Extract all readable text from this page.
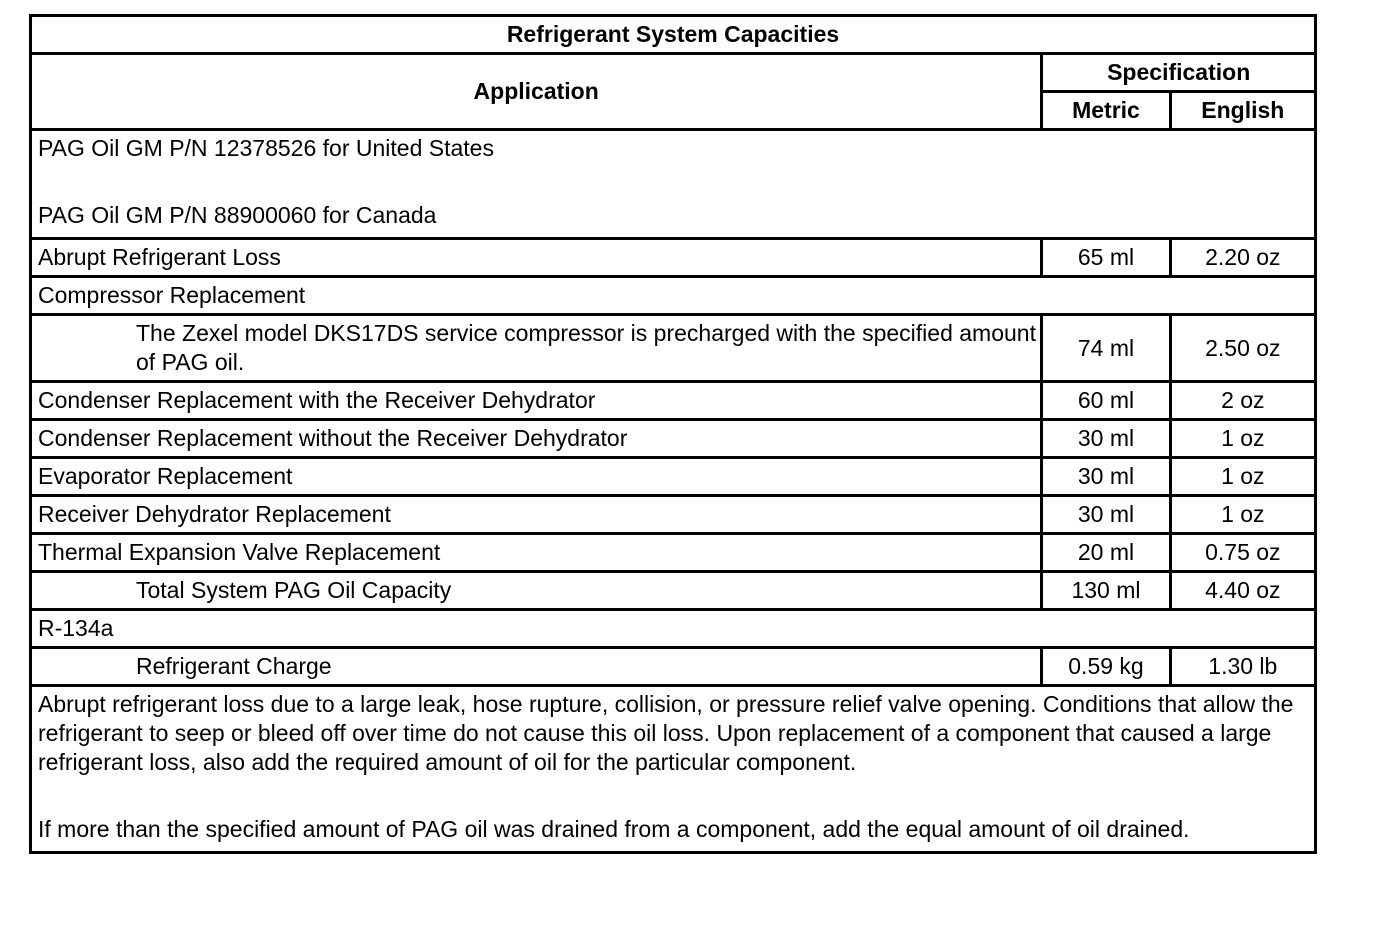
Refrigerant System Capacities		
Application	Specification	
	Metric	English
PAG Oil GM P/N 12378526 for United States
PAG Oil GM P/N 88900060 for Canada		
Abrupt Refrigerant Loss	65 ml	2.20 oz
Compressor Replacement		
The Zexel model DKS17DS service compressor is precharged with the specified amount of PAG oil.	74 ml	2.50 oz
Condenser Replacement with the Receiver Dehydrator	60 ml	2 oz
Condenser Replacement without the Receiver Dehydrator	30 ml	1 oz
Evaporator Replacement	30 ml	1 oz
Receiver Dehydrator Replacement	30 ml	1 oz
Thermal Expansion Valve Replacement	20 ml	0.75 oz
Total System PAG Oil Capacity	130 ml	4.40 oz
R-134a		
Refrigerant Charge	0.59 kg	1.30 lb
Abrupt refrigerant loss due to a large leak, hose rupture, collision, or pressure relief valve opening. Conditions that allow the refrigerant to seep or bleed off over time do not cause this oil loss. Upon replacement of a component that caused a large refrigerant loss, also add the required amount of oil for the particular component.
If more than the specified amount of PAG oil was drained from a component, add the equal amount of oil drained.		
